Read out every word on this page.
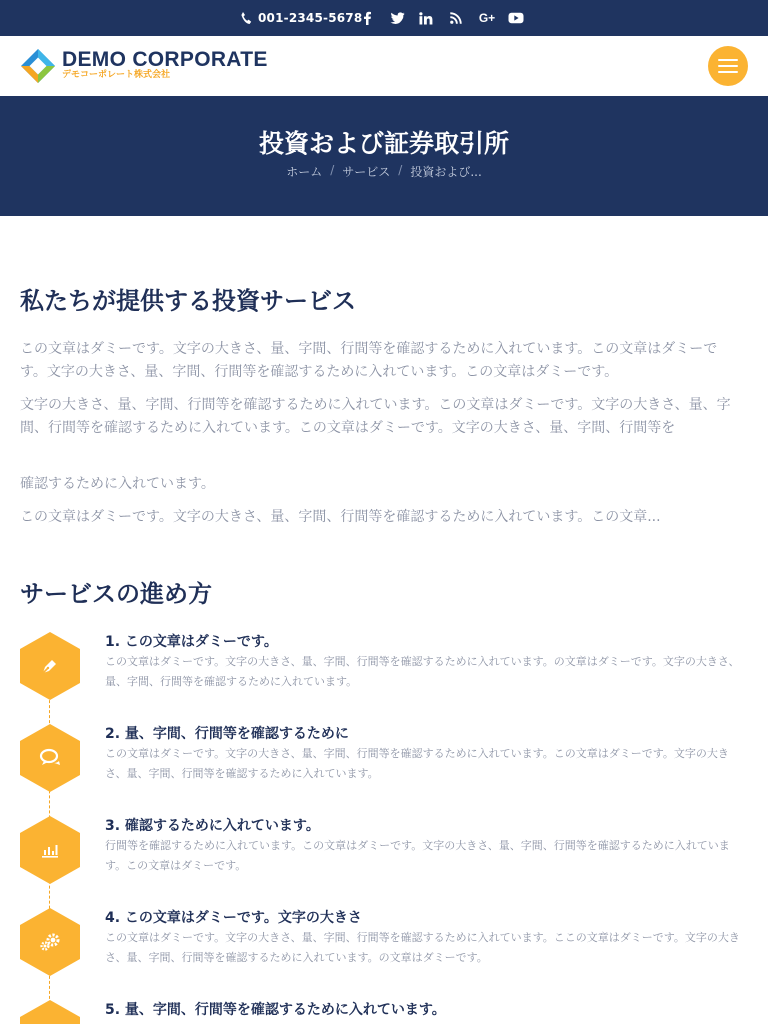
001-2345-5678	G+
DEMO CORPORATE
デモコーポレート株式会社
投資および証券取引所
ホーム / サービス / 投資および...
私たちが提供する投資サービス

この文章はダミーです。文字の大きさ、量、字間、行間等を確認するために入れています。この文章はダミーです。文字の大きさ、量、字間、行間等を確認するために入れています。この文章はダミーです。

文字の大きさ、量、字間、行間等を確認するために入れています。この文章はダミーです。文字の大きさ、量、字間、行間等を確認するために入れています。この文章はダミーです。文字の大きさ、量、字間、行間等を

確認するために入れています。

この文章はダミーです。文字の大きさ、量、字間、行間等を確認するために入れています。この文章...

サービスの進め方
1. この文章はダミーです。

この文章はダミーです。文字の大きさ、量、字間、行間等を確認するために入れています。の文章はダミーです。文字の大きさ、量、字間、行間等を確認するために入れています。

2. 量、字間、行間等を確認するために

この文章はダミーです。文字の大きさ、量、字間、行間等を確認するために入れています。この文章はダミーです。文字の大きさ、量、字間、行間等を確認するために入れています。

3. 確認するために入れています。

行間等を確認するために入れています。この文章はダミーです。文字の大きさ、量、字間、行間等を確認するために入れています。この文章はダミーです。

4. この文章はダミーです。文字の大きさ

この文章はダミーです。文字の大きさ、量、字間、行間等を確認するために入れています。ここの文章はダミーです。文字の大きさ、量、字間、行間等を確認するために入れています。の文章はダミーです。

5. 量、字間、行間等を確認するために入れています。
